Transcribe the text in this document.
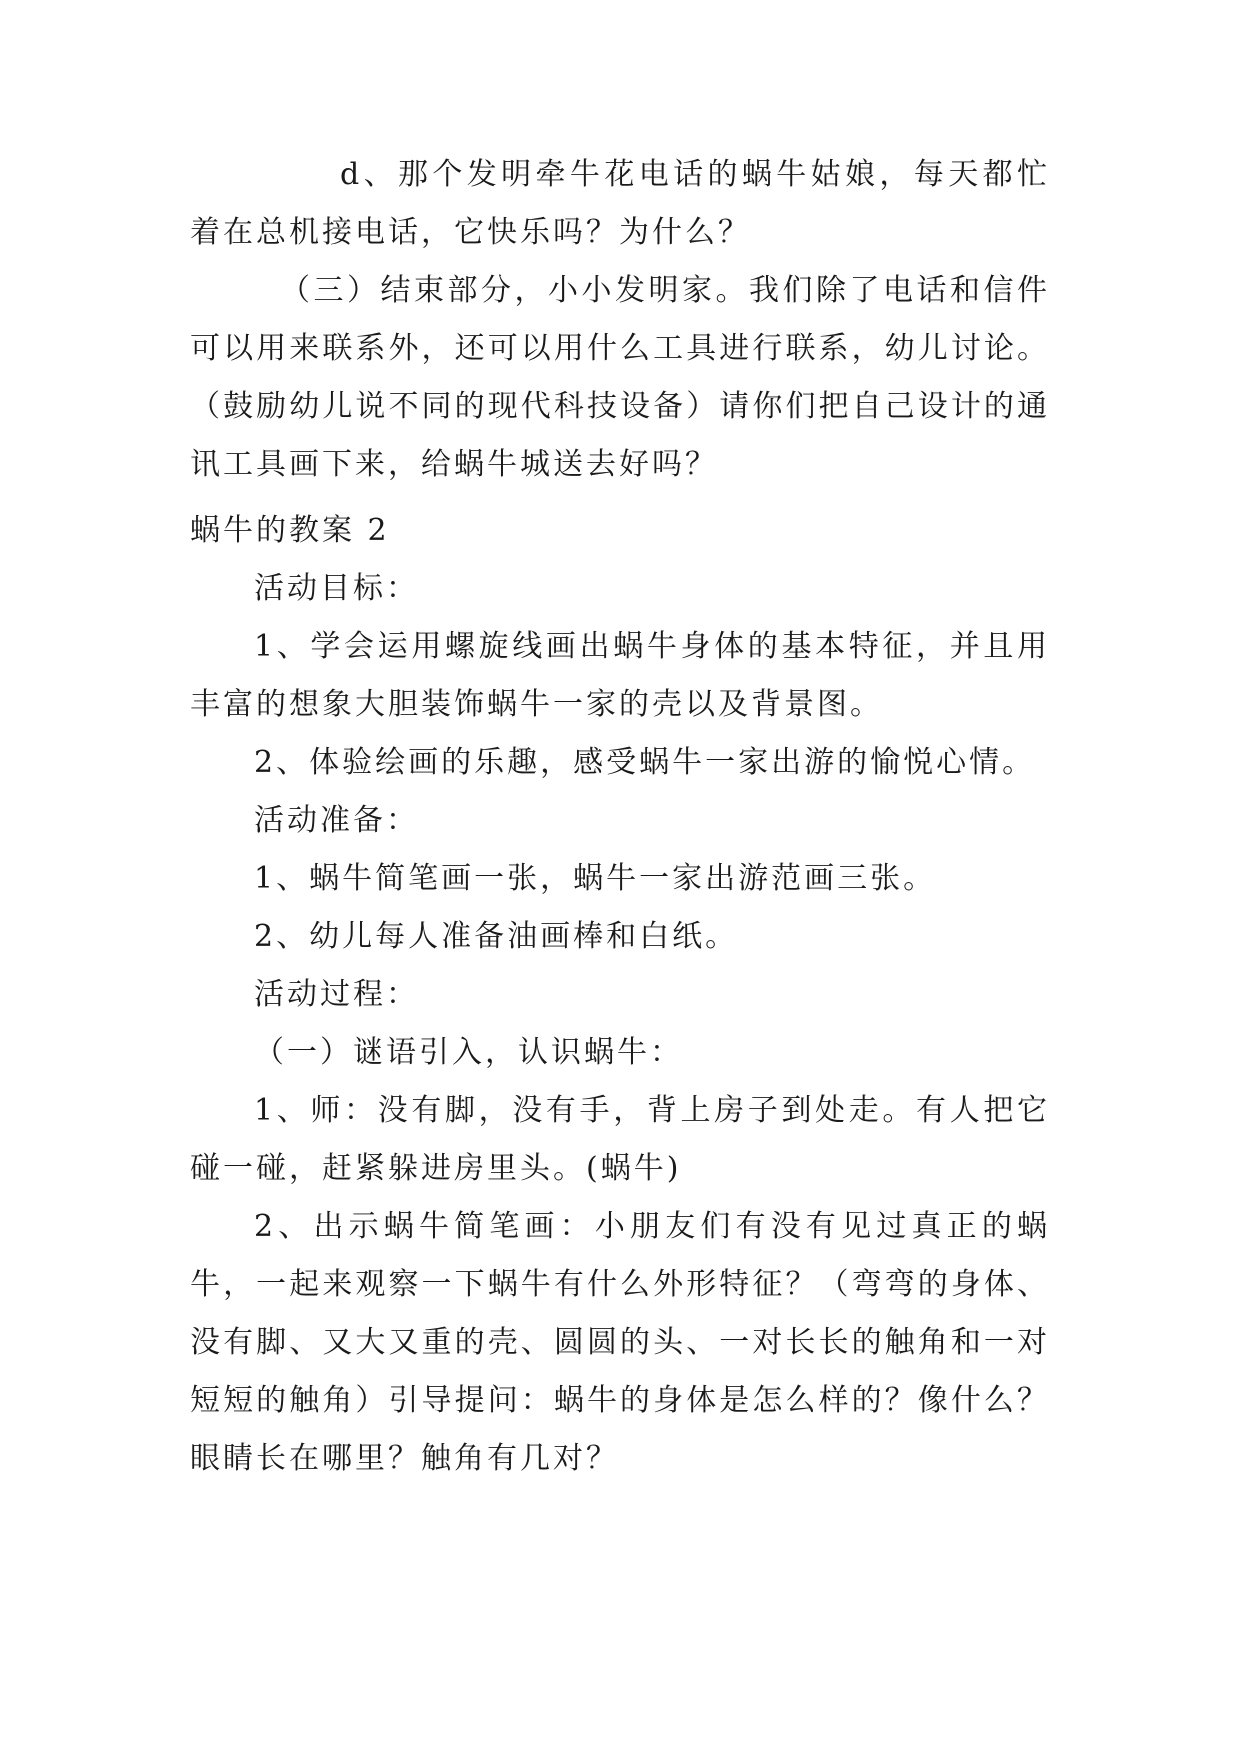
d、那个发明牵牛花电话的蜗牛姑娘，每天都忙着在总机接电话，它快乐吗？为什么？

（三）结束部分，小小发明家。我们除了电话和信件可以用来联系外，还可以用什么工具进行联系，幼儿讨论。（鼓励幼儿说不同的现代科技设备）请你们把自己设计的通讯工具画下来，给蜗牛城送去好吗？

蜗牛的教案 2

活动目标：

1、学会运用螺旋线画出蜗牛身体的基本特征，并且用丰富的想象大胆装饰蜗牛一家的壳以及背景图。

2、体验绘画的乐趣，感受蜗牛一家出游的愉悦心情。

活动准备：

1、蜗牛简笔画一张，蜗牛一家出游范画三张。

2、幼儿每人准备油画棒和白纸。

活动过程：

（一）谜语引入，认识蜗牛：

1、师：没有脚，没有手，背上房子到处走。有人把它碰一碰，赶紧躲进房里头。(蜗牛)

2、出示蜗牛简笔画：小朋友们有没有见过真正的蜗牛，一起来观察一下蜗牛有什么外形特征？（弯弯的身体、没有脚、又大又重的壳、圆圆的头、一对长长的触角和一对短短的触角）引导提问：蜗牛的身体是怎么样的？像什么？眼睛长在哪里？触角有几对？
